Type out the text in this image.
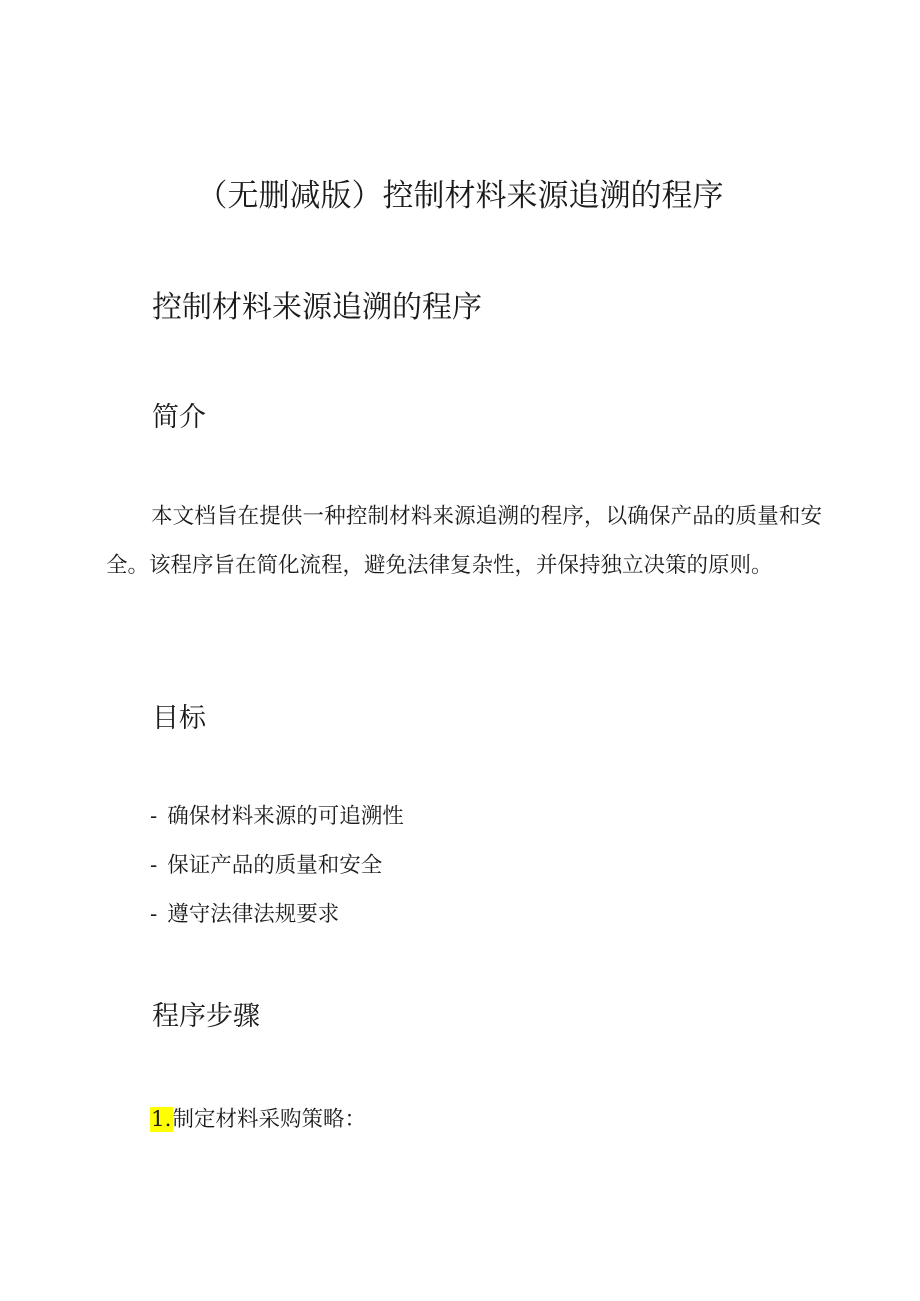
（无删减版）控制材料来源追溯的程序
控制材料来源追溯的程序
简介

本文档旨在提供一种控制材料来源追溯的程序，以确保产品的质量和安全。该程序旨在简化流程，避免法律复杂性，并保持独立决策的原则。

目标
- 确保材料来源的可追溯性
- 保证产品的质量和安全
- 遵守法律法规要求
程序步骤

1.制定材料采购策略：
